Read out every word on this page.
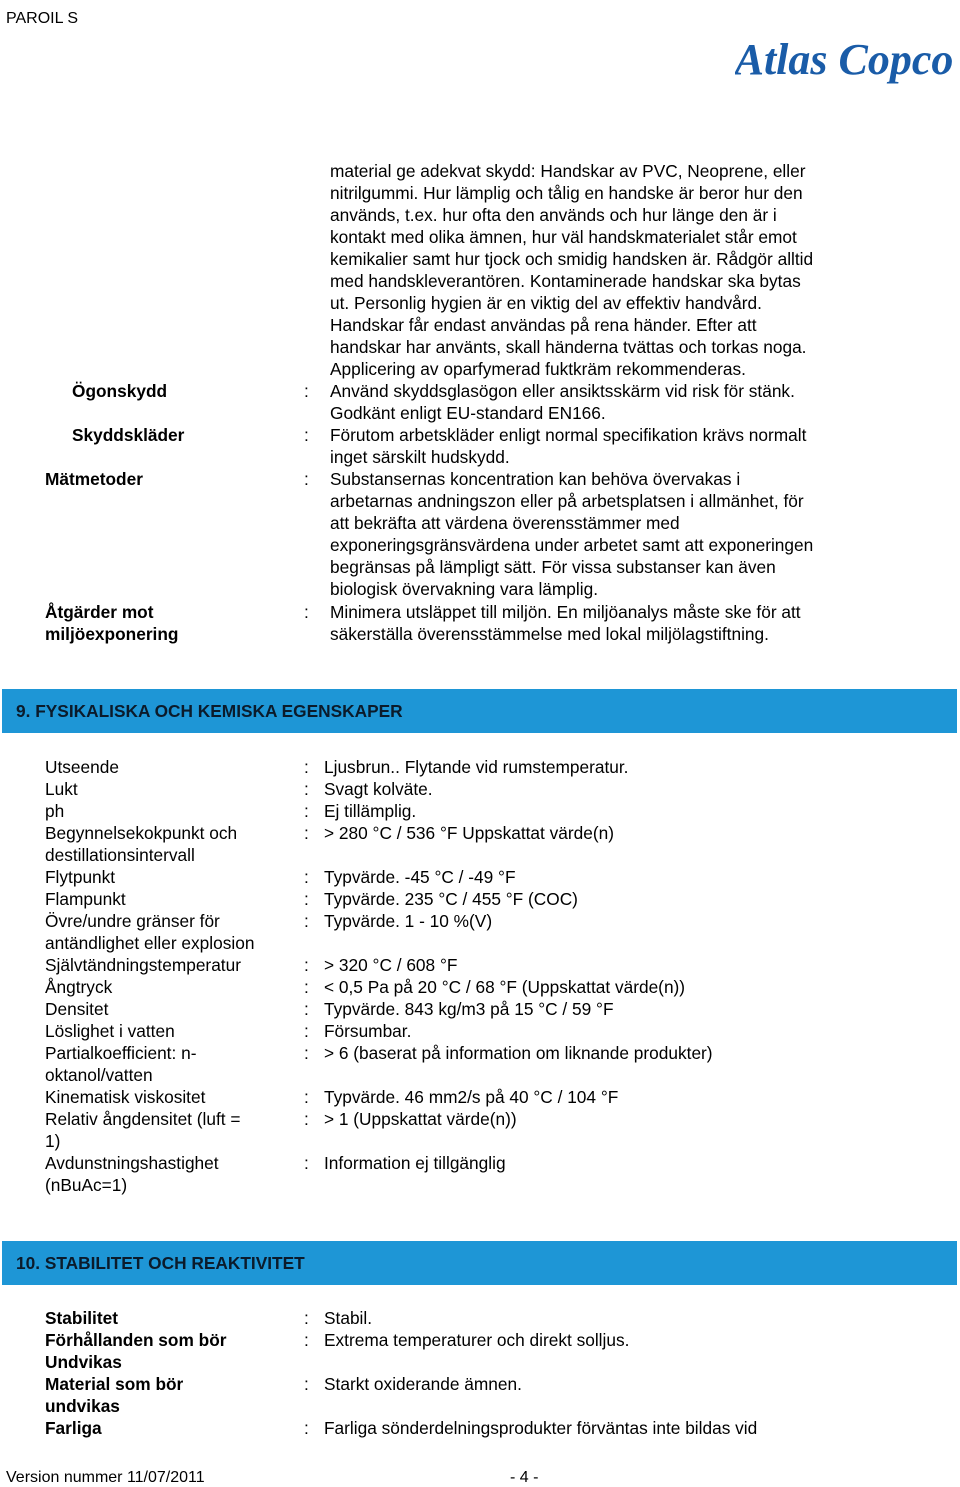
PAROIL S
Atlas Copco
material ge adekvat skydd: Handskar av PVC, Neoprene, eller
nitrilgummi. Hur lämplig och tålig en handske är beror hur den
används, t.ex. hur ofta den används och hur länge den är i
kontakt med olika ämnen, hur väl handskmaterialet står emot
kemikalier samt hur tjock och smidig handsken är. Rådgör alltid
med handskleverantören. Kontaminerade handskar ska bytas
ut. Personlig hygien är en viktig del av effektiv handvård.
Handskar får endast användas på rena händer. Efter att
handskar har använts, skall händerna tvättas och torkas noga.
Applicering av oparfymerad fuktkräm rekommenderas.
Ögonskydd	: Använd skyddsglasögon eller ansiktsskärm vid risk för stänk.
Godkänt enligt EU-standard EN166.
Skyddskläder	: Förutom arbetskläder enligt normal specifikation krävs normalt
inget särskilt hudskydd.
Mätmetoder	: Substansernas koncentration kan behöva övervakas i
arbetarnas andningszon eller på arbetsplatsen i allmänhet, för
att bekräfta att värdena överensstämmer med
exponeringsgränsvärdena under arbetet samt att exponeringen
begränsas på lämpligt sätt. För vissa substanser kan även
biologisk övervakning vara lämplig.
Åtgärder mot
miljöexponering
: Minimera utsläppet till miljön. En miljöanalys måste ske för att
säkerställa överensstämmelse med lokal miljölagstiftning.
9. FYSIKALISKA OCH KEMISKA EGENSKAPER
Utseende	: Ljusbrun.. Flytande vid rumstemperatur.
Lukt	: Svagt kolväte.
ph	: Ej tillämplig.
Begynnelsekokpunkt och
destillationsintervall
: > 280 °C / 536 °F Uppskattat värde(n)
Flytpunkt	: Typvärde. -45 °C / -49 °F
Flampunkt	: Typvärde. 235 °C / 455 °F (COC)
Övre/undre gränser för
antändlighet eller explosion
: Typvärde. 1 - 10 %(V)
Självtändningstemperatur	: > 320 °C / 608 °F
Ångtryck	: < 0,5 Pa på 20 °C / 68 °F (Uppskattat värde(n))
Densitet	: Typvärde. 843 kg/m3 på 15 °C / 59 °F
Löslighet i vatten	: Försumbar.
Partialkoefficient: n-
oktanol/vatten
: > 6 (baserat på information om liknande produkter)
Kinematisk viskositet	: Typvärde. 46 mm2/s på 40 °C / 104 °F
Relativ ångdensitet (luft =
1)
: > 1 (Uppskattat värde(n))
Avdunstningshastighet
(nBuAc=1)
: Information ej tillgänglig
10. STABILITET OCH REAKTIVITET
Stabilitet	: Stabil.
Förhållanden som bör
Undvikas
: Extrema temperaturer och direkt solljus.
Material som bör
undvikas
: Starkt oxiderande ämnen.
Farliga	: Farliga sönderdelningsprodukter förväntas inte bildas vid
Version nummer 11/07/2011	- 4 -
